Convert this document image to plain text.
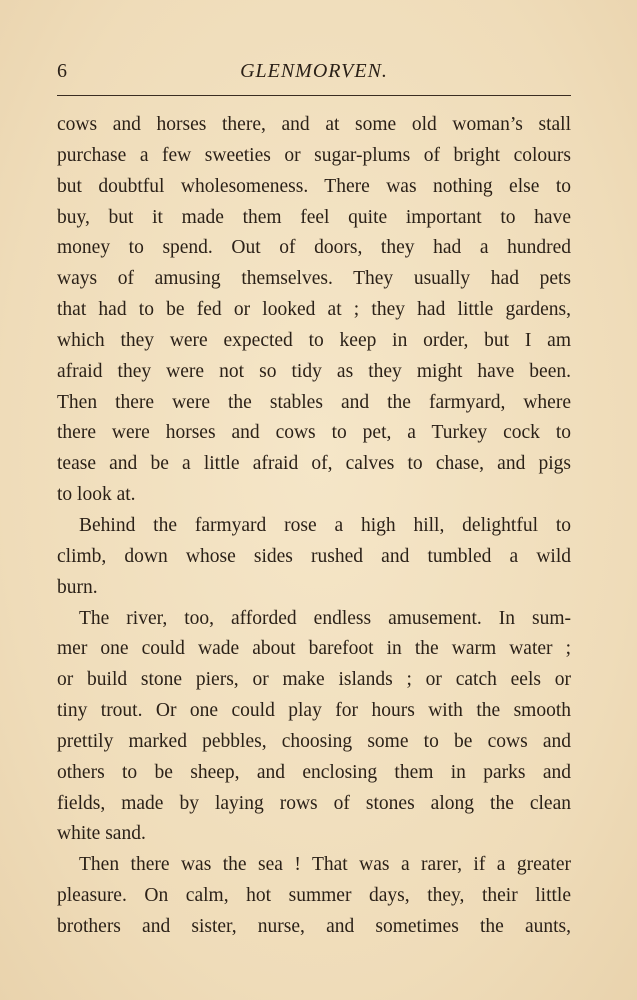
6	GLENMORVEN.
cows and horses there, and at some old woman’s stall
purchase a few sweeties or sugar-plums of bright colours
but doubtful wholesomeness. There was nothing else to
buy, but it made them feel quite important to have
money to spend. Out of doors, they had a hundred
ways of amusing themselves. They usually had pets
that had to be fed or looked at ; they had little gardens,
which they were expected to keep in order, but I am
afraid they were not so tidy as they might have been.
Then there were the stables and the farmyard, where
there were horses and cows to pet, a Turkey cock to
tease and be a little afraid of, calves to chase, and pigs
to look at.
Behind the farmyard rose a high hill, delightful to
climb, down whose sides rushed and tumbled a wild
burn.
The river, too, afforded endless amusement. In sum-
mer one could wade about barefoot in the warm water ;
or build stone piers, or make islands ; or catch eels or
tiny trout. Or one could play for hours with the smooth
prettily marked pebbles, choosing some to be cows and
others to be sheep, and enclosing them in parks and
fields, made by laying rows of stones along the clean
white sand.
Then there was the sea ! That was a rarer, if a greater
pleasure. On calm, hot summer days, they, their little
brothers and sister, nurse, and sometimes the aunts,
